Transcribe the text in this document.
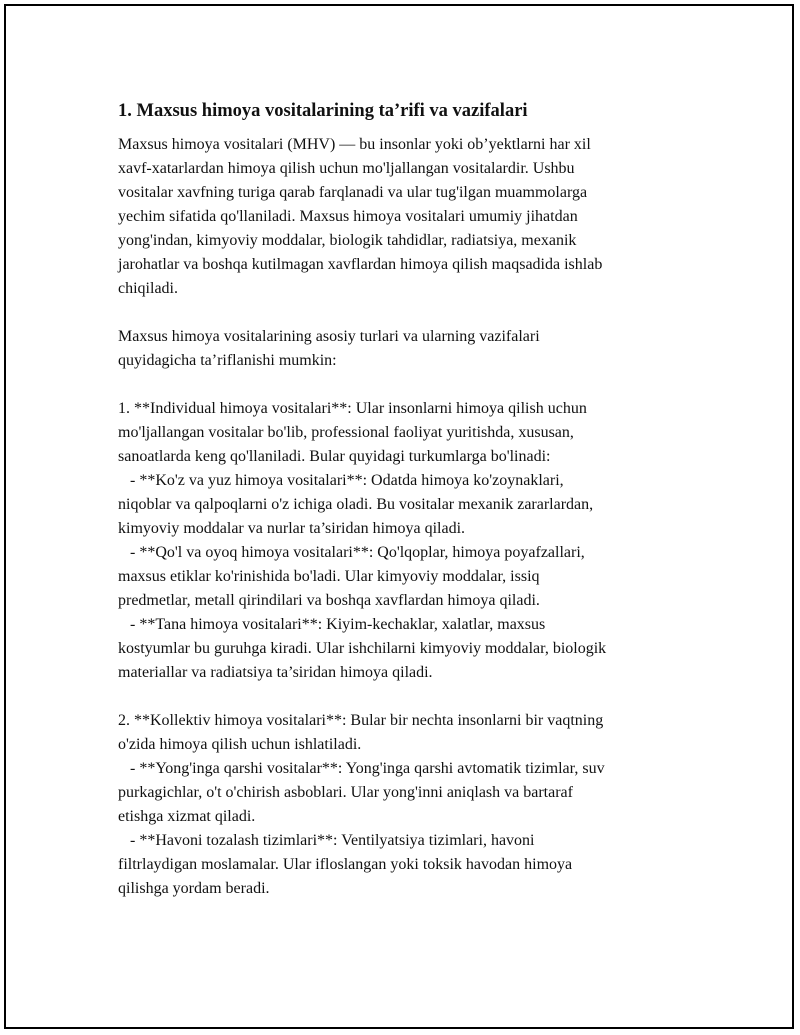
1. Maxsus himoya vositalarining ta’rifi va vazifalari

Maxsus himoya vositalari (MHV) — bu insonlar yoki ob’yektlarni har xil
xavf-xatarlardan himoya qilish uchun mo'ljallangan vositalardir. Ushbu
vositalar xavfning turiga qarab farqlanadi va ular tug'ilgan muammolarga
yechim sifatida qo'llaniladi. Maxsus himoya vositalari umumiy jihatdan
yong'indan, kimyoviy moddalar, biologik tahdidlar, radiatsiya, mexanik
jarohatlar va boshqa kutilmagan xavflardan himoya qilish maqsadida ishlab
chiqiladi.

Maxsus himoya vositalarining asosiy turlari va ularning vazifalari
quyidagicha ta’riflanishi mumkin:

1. **Individual himoya vositalari**: Ular insonlarni himoya qilish uchun
mo'ljallangan vositalar bo'lib, professional faoliyat yuritishda, xususan,
sanoatlarda keng qo'llaniladi. Bular quyidagi turkumlarga bo'linadi:
- **Ko'z va yuz himoya vositalari**: Odatda himoya ko'zoynaklari,
niqoblar va qalpoqlarni o'z ichiga oladi. Bu vositalar mexanik zararlardan,
kimyoviy moddalar va nurlar ta’siridan himoya qiladi.
- **Qo'l va oyoq himoya vositalari**: Qo'lqoplar, himoya poyafzallari,
maxsus etiklar ko'rinishida bo'ladi. Ular kimyoviy moddalar, issiq
predmetlar, metall qirindilari va boshqa xavflardan himoya qiladi.
- **Tana himoya vositalari**: Kiyim-kechaklar, xalatlar, maxsus
kostyumlar bu guruhga kiradi. Ular ishchilarni kimyoviy moddalar, biologik
materiallar va radiatsiya ta’siridan himoya qiladi.

2. **Kollektiv himoya vositalari**: Bular bir nechta insonlarni bir vaqtning
o'zida himoya qilish uchun ishlatiladi.
- **Yong'inga qarshi vositalar**: Yong'inga qarshi avtomatik tizimlar, suv
purkagichlar, o't o'chirish asboblari. Ular yong'inni aniqlash va bartaraf
etishga xizmat qiladi.
- **Havoni tozalash tizimlari**: Ventilyatsiya tizimlari, havoni
filtrlaydigan moslamalar. Ular ifloslangan yoki toksik havodan himoya
qilishga yordam beradi.
